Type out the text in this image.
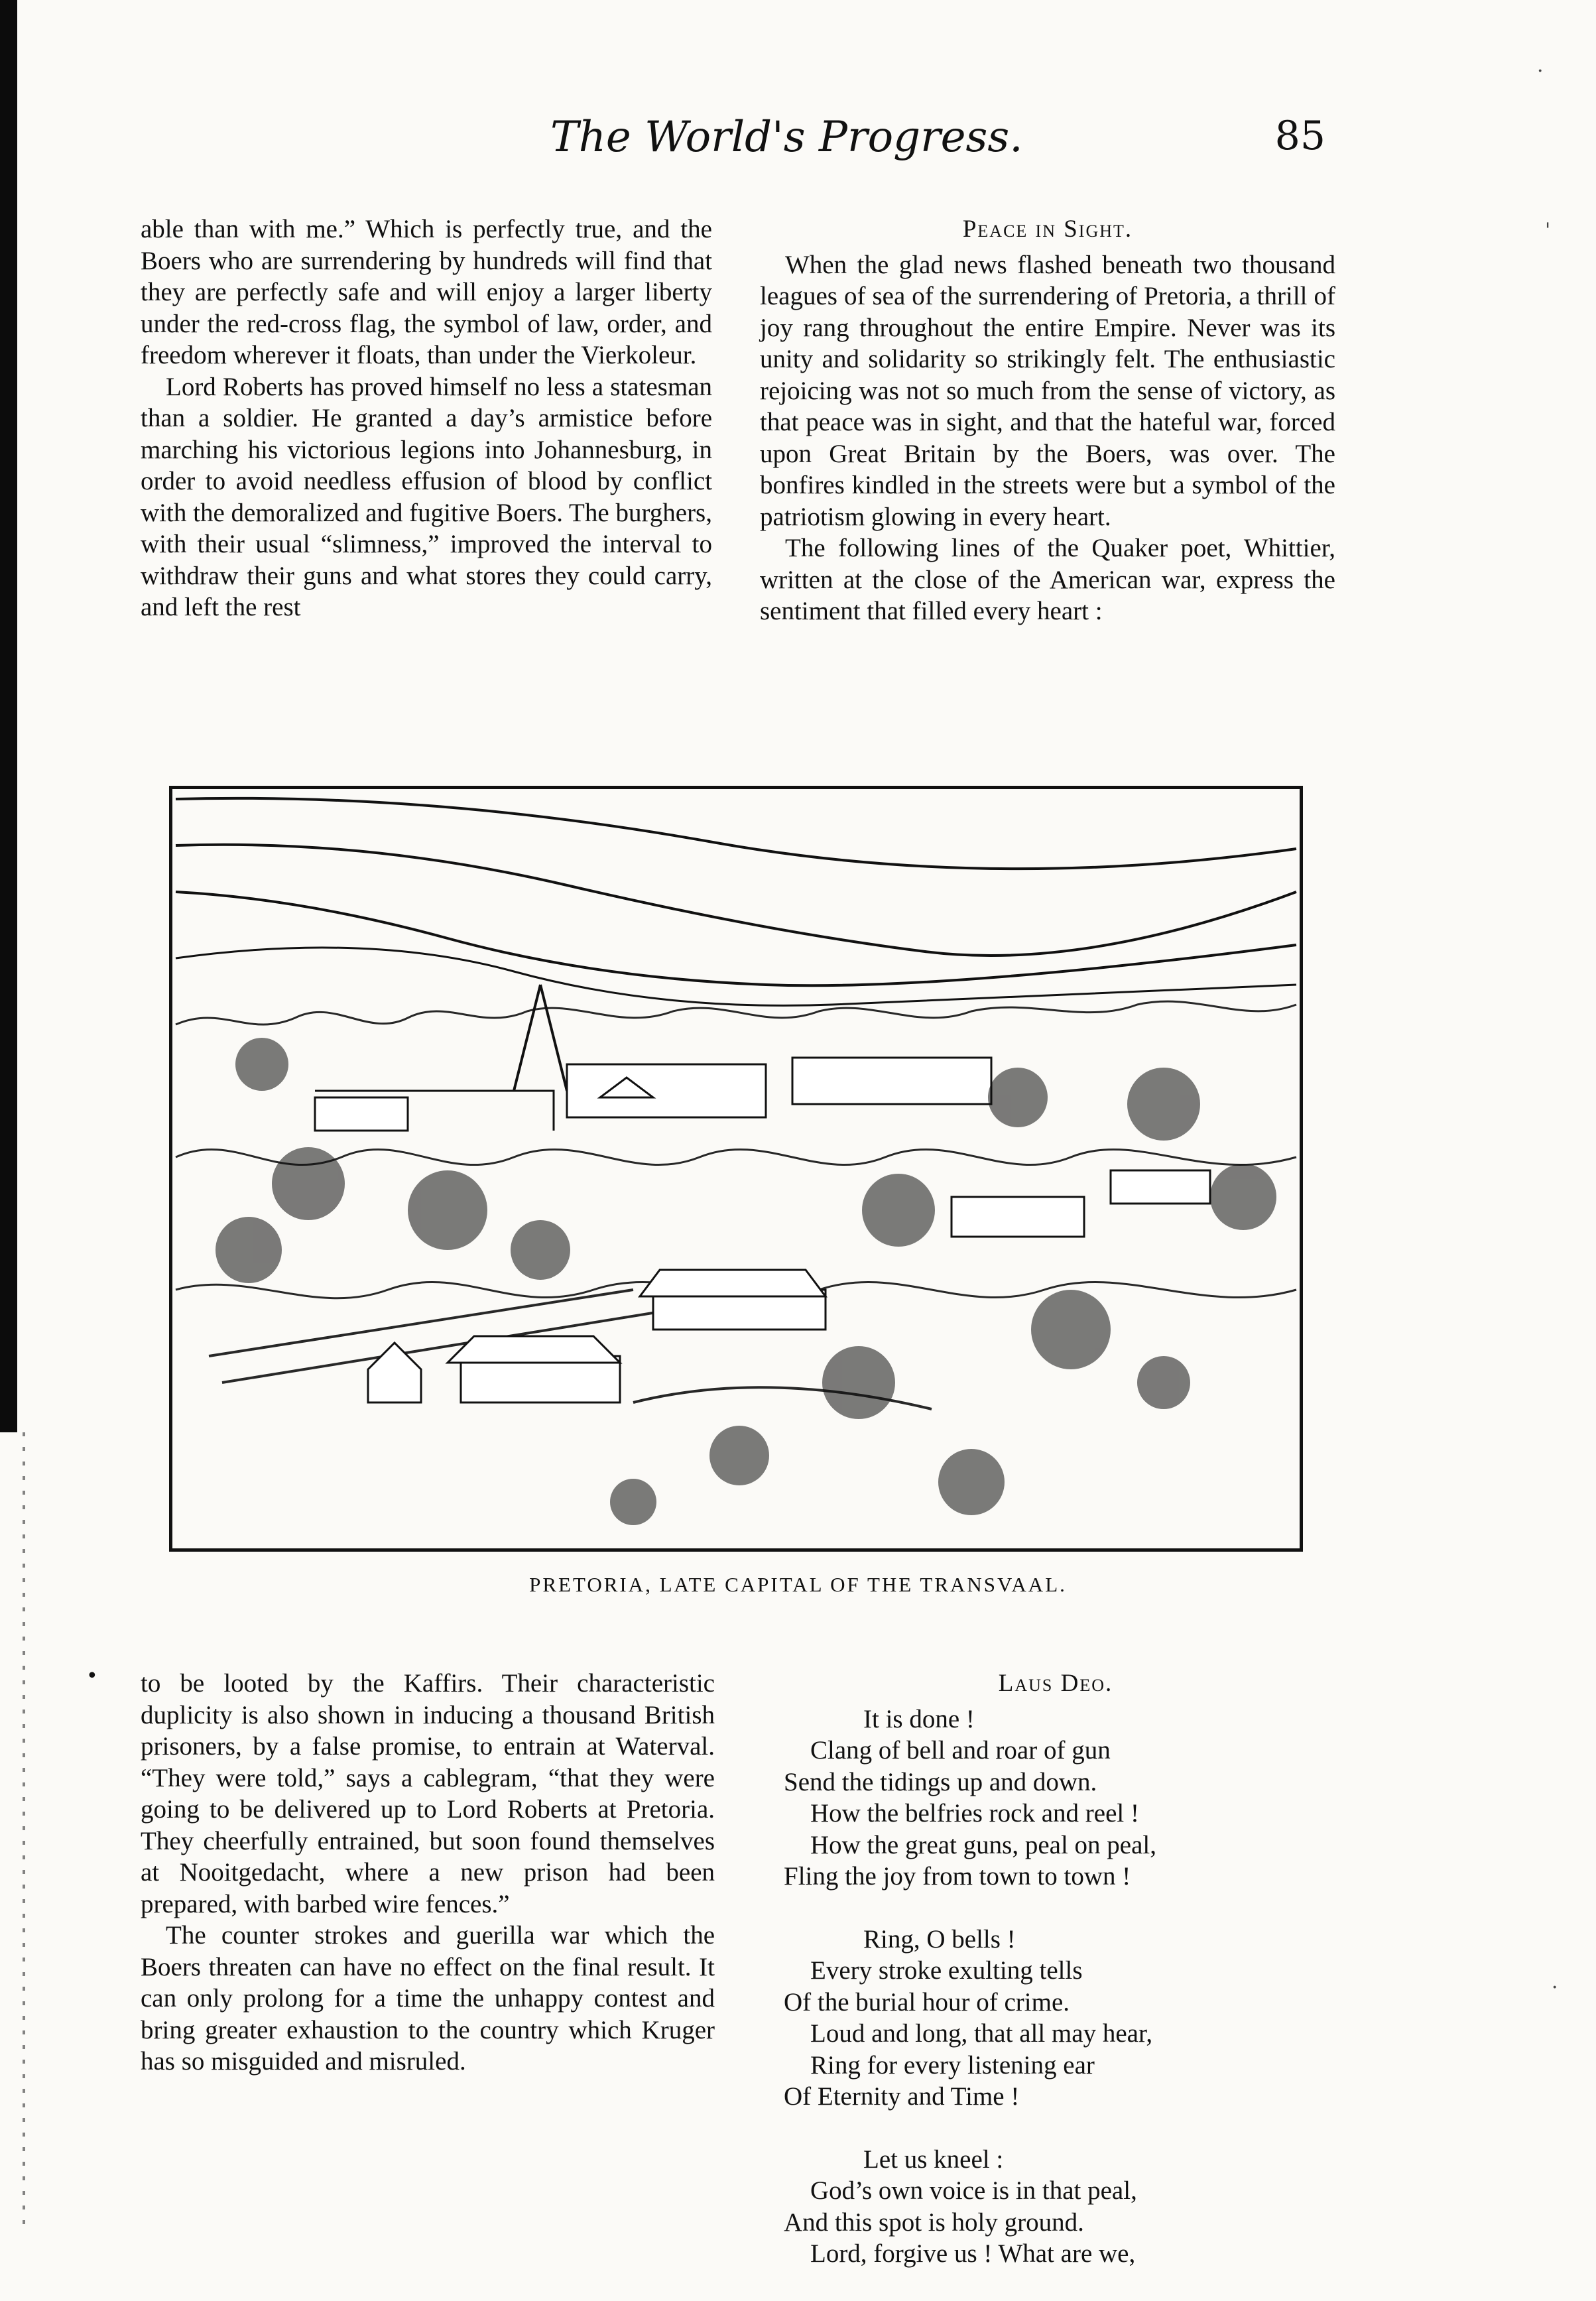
The World's Progress.	85

able than with me.” Which is perfectly true, and the Boers who are surrendering by hundreds will find that they are perfectly safe and will enjoy a larger liberty under the red-cross flag, the symbol of law, order, and freedom wherever it floats, than under the Vierkoleur.

Lord Roberts has proved himself no less a statesman than a soldier. He granted a day’s armistice before marching his victorious legions into Johannesburg, in order to avoid needless effusion of blood by conflict with the demoralized and fugitive Boers. The burghers, with their usual “slimness,” improved the interval to withdraw their guns and what stores they could carry, and left the rest

Peace in Sight.

When the glad news flashed beneath two thousand leagues of sea of the surrendering of Pretoria, a thrill of joy rang throughout the entire Empire. Never was its unity and solidarity so strikingly felt. The enthusiastic rejoicing was not so much from the sense of victory, as that peace was in sight, and that the hateful war, forced upon Great Britain by the Boers, was over. The bonfires kindled in the streets were but a symbol of the patriotism glowing in every heart.

The following lines of the Quaker poet, Whittier, written at the close of the American war, express the sentiment that filled every heart :

PRETORIA, LATE CAPITAL OF THE TRANSVAAL.
• to be looted by the Kaffirs. Their characteristic duplicity is also shown in inducing a thousand British prisoners, by a false promise, to entrain at Waterval. “They were told,” says a cablegram, “that they were going to be delivered up to Lord Roberts at Pretoria. They cheerfully entrained, but soon found themselves at Nooitgedacht, where a new prison had been prepared, with barbed wire fences.”

The counter strokes and guerilla war which the Boers threaten can have no effect on the final result. It can only prolong for a time the unhappy contest and bring greater exhaustion to the country which Kruger has so misguided and misruled.

Laus Deo.
It is done !
Clang of bell and roar of gun
Send the tidings up and down.
How the belfries rock and reel !
How the great guns, peal on peal,
Fling the joy from town to town !
Ring, O bells !
Every stroke exulting tells
Of the burial hour of crime.
Loud and long, that all may hear,
Ring for every listening ear
Of Eternity and Time !
Let us kneel :
God’s own voice is in that peal,
And this spot is holy ground.
Lord, forgive us ! What are we,
·
'
·
